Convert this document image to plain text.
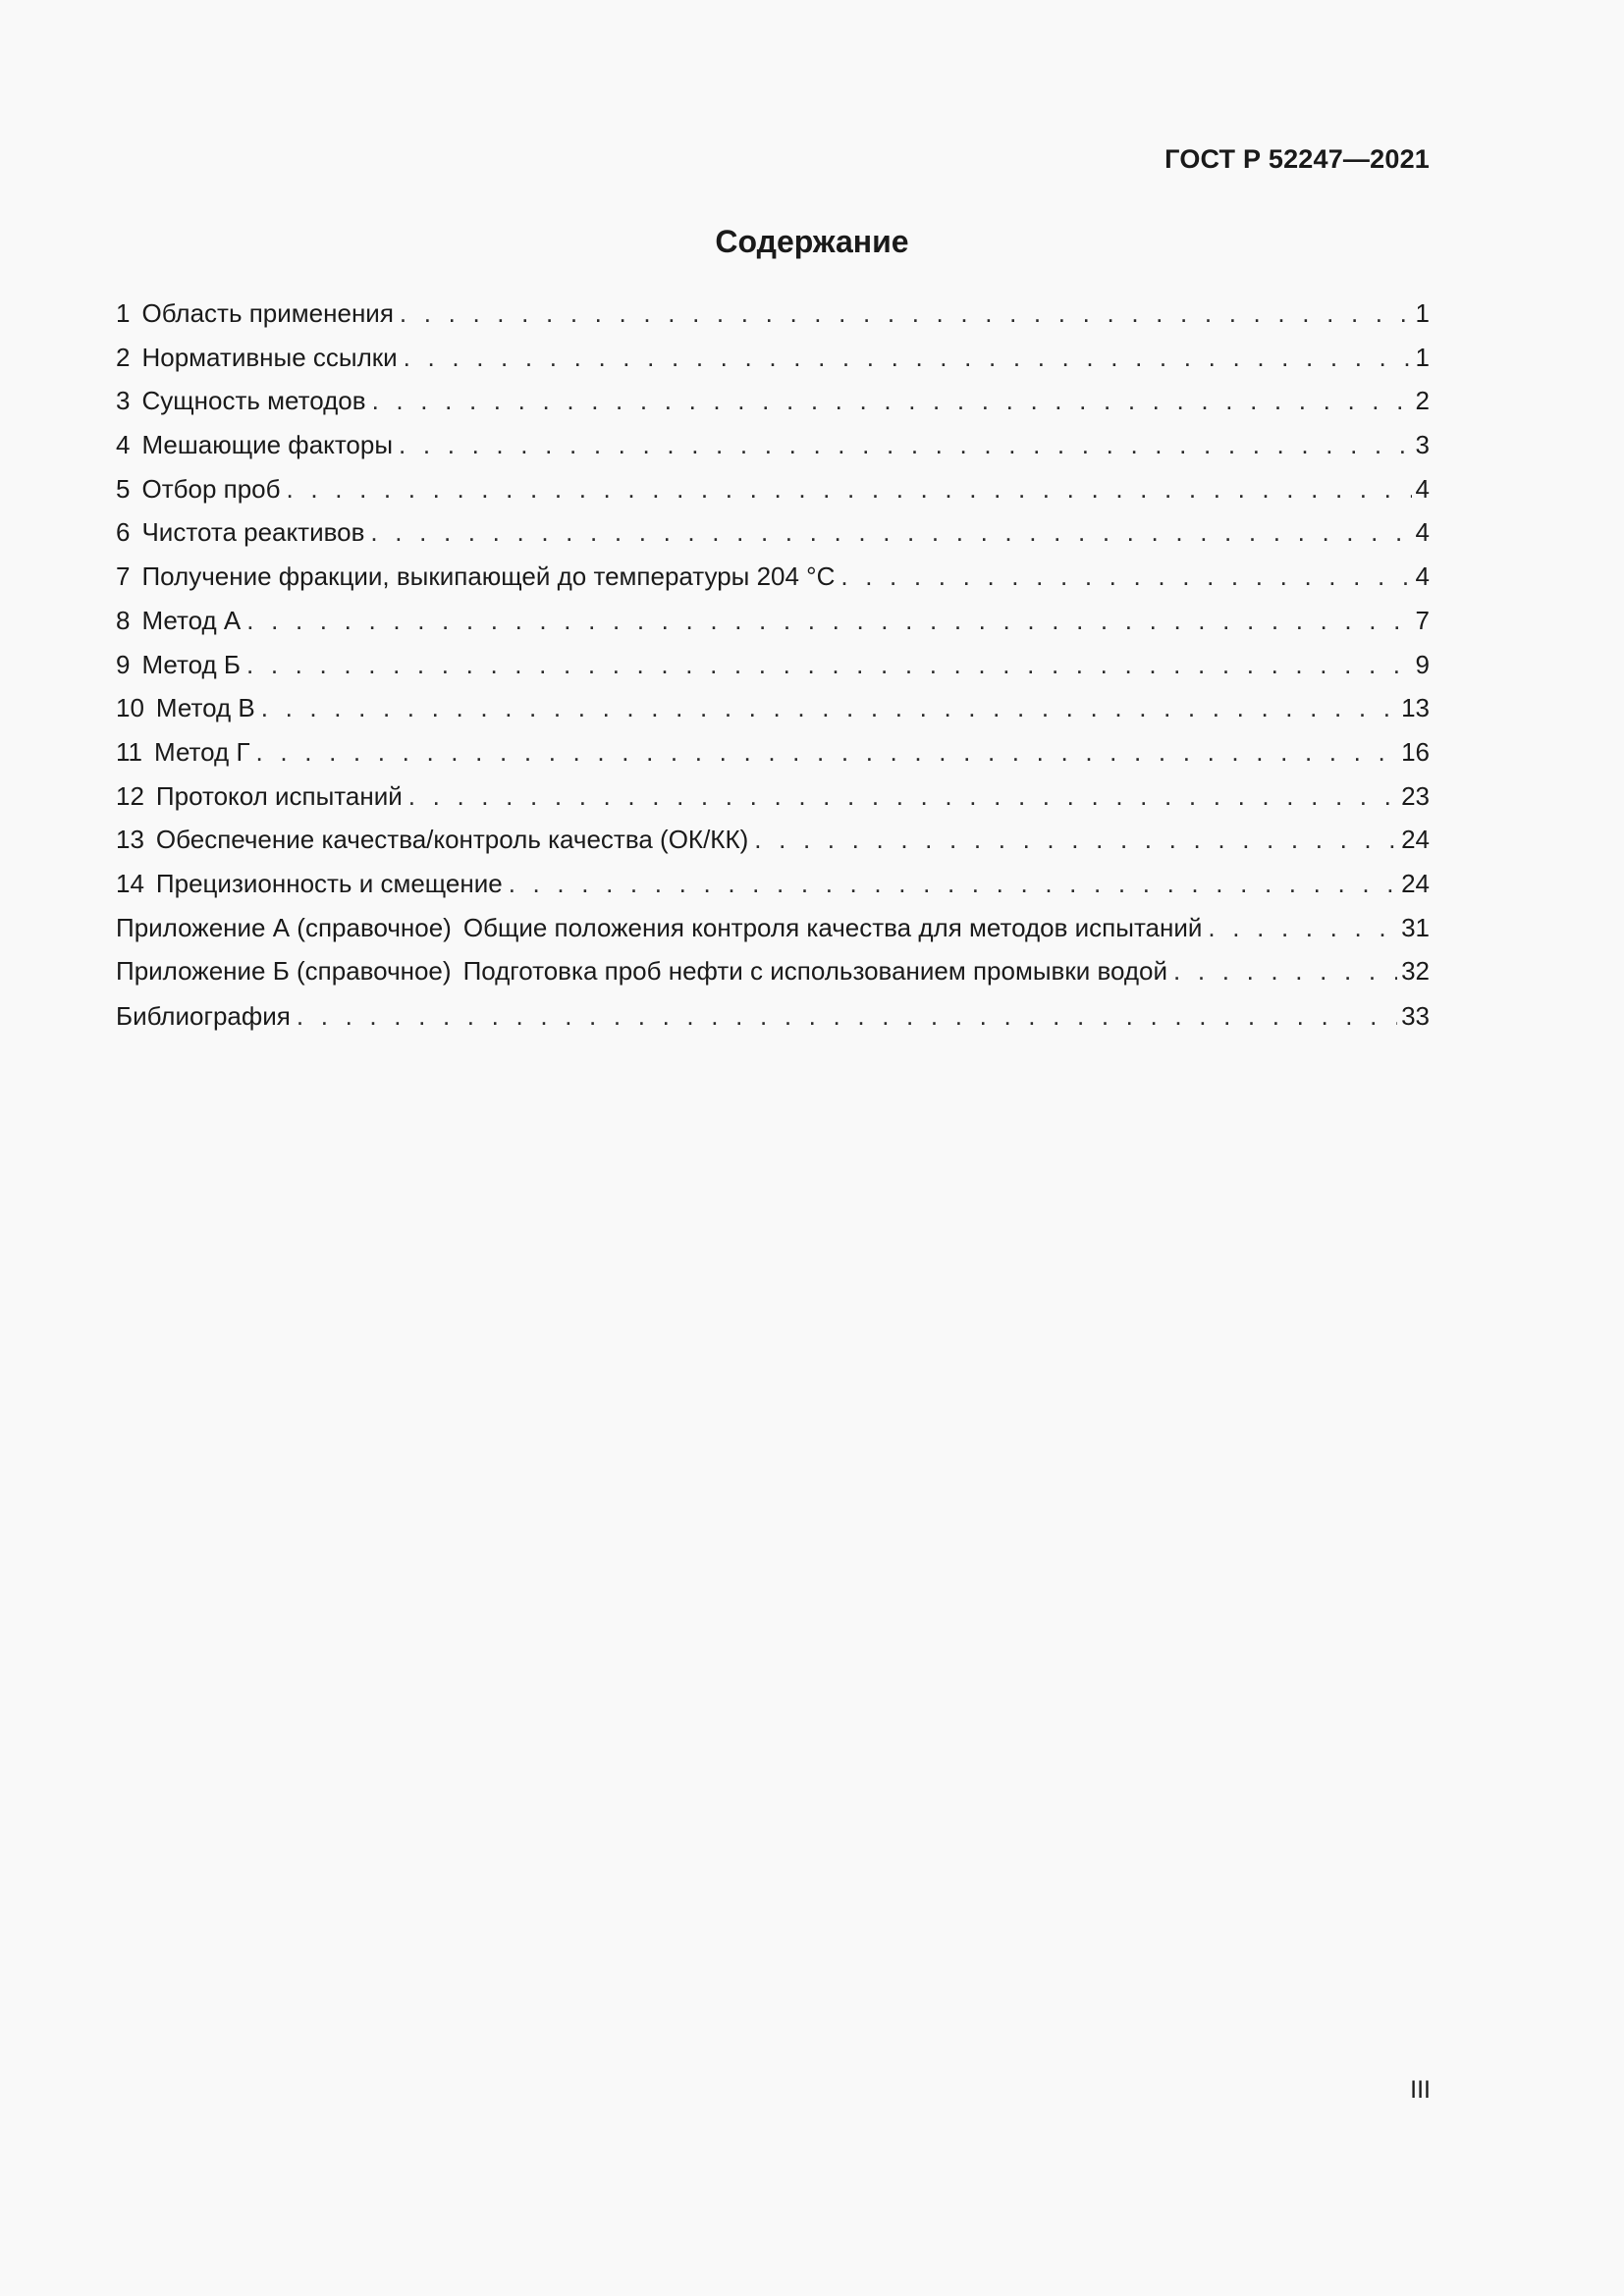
ГОСТ Р 52247—2021
Содержание
1 Область применения . . .	1
2 Нормативные ссылки . . .	1
3 Сущность методов . . .	2
4 Мешающие факторы . . .	3
5 Отбор проб . . .	4
6 Чистота реактивов . . .	4
7 Получение фракции, выкипающей до температуры 204 °С . . .	4
8 Метод А . . .	7
9 Метод Б . . .	9
10 Метод В . . .	13
11 Метод Г . . .	16
12 Протокол испытаний . . .	23
13 Обеспечение качества/контроль качества (ОК/КК) . . .	24
14 Прецизионность и смещение . . .	24
Приложение А (справочное) Общие положения контроля качества для методов испытаний . . .	31
Приложение Б (справочное) Подготовка проб нефти с использованием промывки водой . . .	32
Библиография . . .	33
III
